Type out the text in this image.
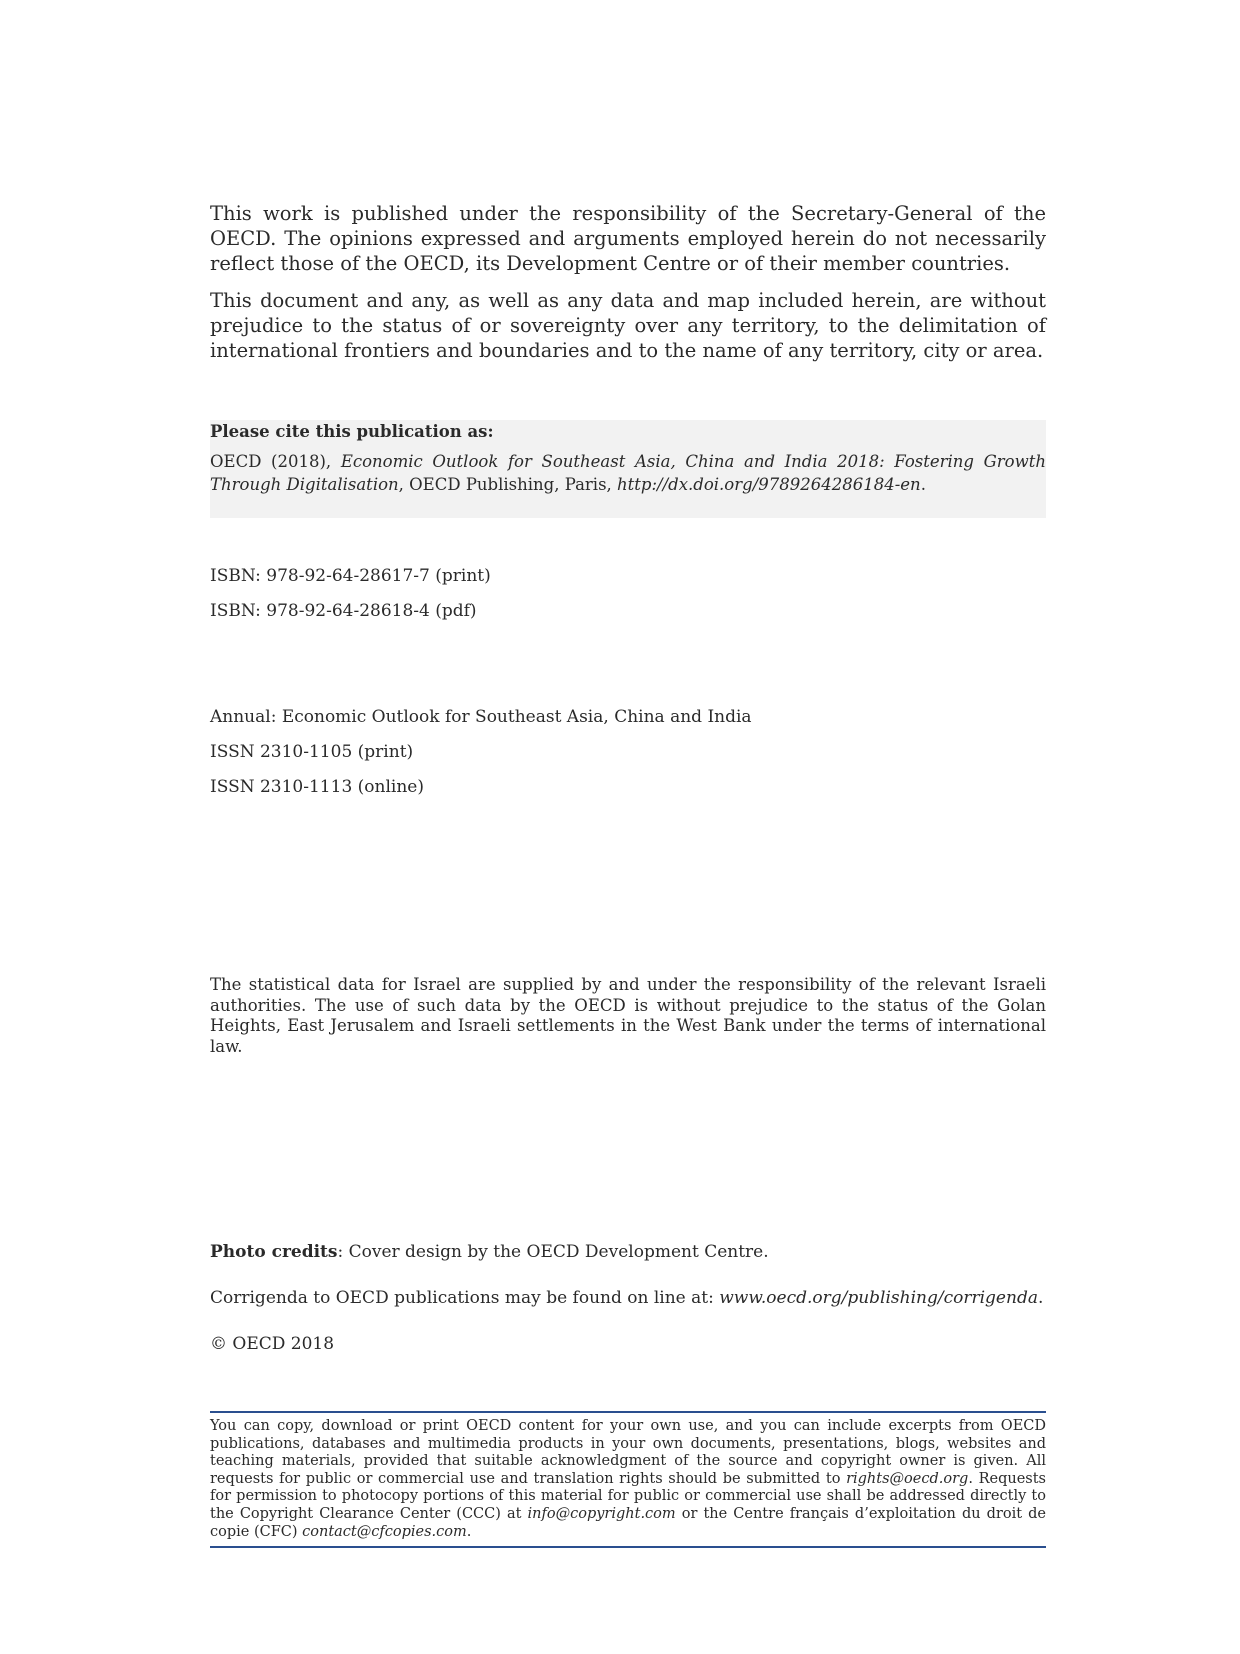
This work is published under the responsibility of the Secretary-General of the OECD. The opinions expressed and arguments employed herein do not necessarily reflect those of the OECD, its Development Centre or of their member countries.

This document and any, as well as any data and map included herein, are without prejudice to the status of or sovereignty over any territory, to the delimitation of international frontiers and boundaries and to the name of any territory, city or area.

OECD (2018), Economic Outlook for Southeast Asia, China and India 2018: Fostering Growth Through Digitalisation, OECD Publishing, Paris, http://dx.doi.org/9789264286184-en.

Please cite this publication as:

ISBN: 978-92-64-28617-7 (print)

ISBN: 978-92-64-28618-4 (pdf)

Annual: Economic Outlook for Southeast Asia, China and India

ISSN 2310-1105 (print)

ISSN 2310-1113 (online)

The statistical data for Israel are supplied by and under the responsibility of the relevant Israeli authorities. The use of such data by the OECD is without prejudice to the status of the Golan Heights, East Jerusalem and Israeli settlements in the West Bank under the terms of international law.

Photo credits: Cover design by the OECD Development Centre.

Corrigenda to OECD publications may be found on line at: www.oecd.org/publishing/corrigenda.

© OECD 2018

You can copy, download or print OECD content for your own use, and you can include excerpts from OECD publications, databases and multimedia products in your own documents, presentations, blogs, websites and teaching materials, provided that suitable acknowledgment of the source and copyright owner is given. All requests for public or commercial use and translation rights should be submitted to rights@oecd.org. Requests for permission to photocopy portions of this material for public or commercial use shall be addressed directly to the Copyright Clearance Center (CCC) at info@copyright.com or the Centre français d’exploitation du droit de copie (CFC) contact@cfcopies.com.
